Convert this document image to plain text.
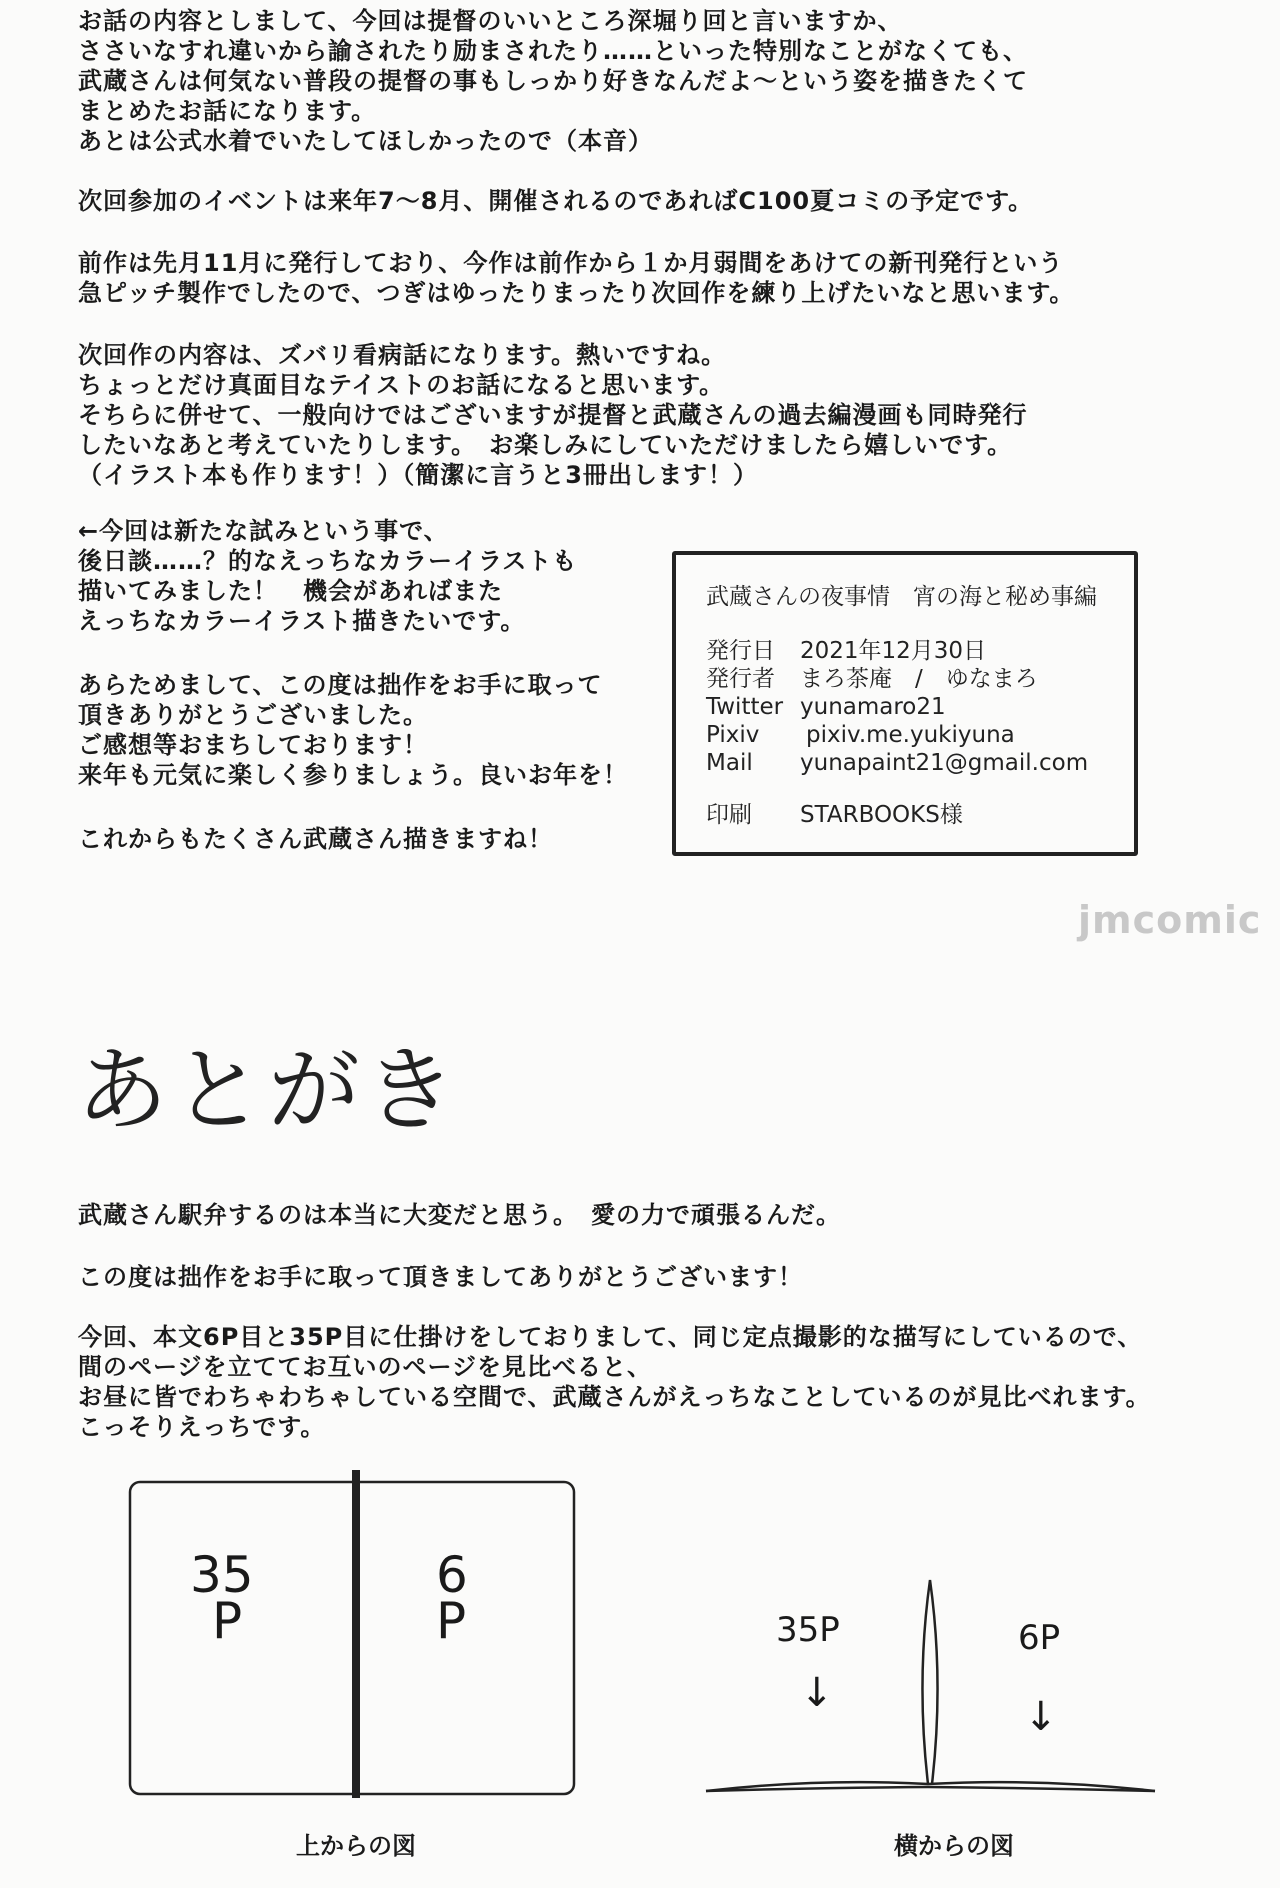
お話の内容としまして、今回は提督のいいところ深堀り回と言いますか、
ささいなすれ違いから諭されたり励まされたり……といった特別なことがなくても、
武蔵さんは何気ない普段の提督の事もしっかり好きなんだよ〜という姿を描きたくて
まとめたお話になります。
あとは公式水着でいたしてほしかったので（本音）
次回参加のイベントは来年7〜8月、開催されるのであればC100夏コミの予定です。
前作は先月11月に発行しており、今作は前作から１か月弱間をあけての新刊発行という
急ピッチ製作でしたので、つぎはゆったりまったり次回作を練り上げたいなと思います。
次回作の内容は、ズバリ看病話になります。熱いですね。
ちょっとだけ真面目なテイストのお話になると思います。
そちらに併せて、一般向けではございますが提督と武蔵さんの過去編漫画も同時発行
したいなあと考えていたりします。　お楽しみにしていただけましたら嬉しいです。
（イラスト本も作ります！）（簡潔に言うと3冊出します！）
←今回は新たな試みという事で、
後日談……？的なえっちなカラーイラストも
描いてみました！　機会があればまた
えっちなカラーイラスト描きたいです。
あらためまして、この度は拙作をお手に取って
頂きありがとうございました。
ご感想等おまちしております！
来年も元気に楽しく参りましょう。良いお年を！
これからもたくさん武蔵さん描きますね！
武蔵さんの夜事情　宵の海と秘め事編
発行日 2021年12月30日
発行者 まろ茶庵　/　ゆなまろ
Twitter yunamaro21
Pixiv pixiv.me.yukiyuna
Mail yunapaint21@gmail.com
印刷 STARBOOKS様
jmcomic
あとがき
武蔵さん駅弁するのは本当に大変だと思う。　愛の力で頑張るんだ。
この度は拙作をお手に取って頂きましてありがとうございます！
今回、本文6P目と35P目に仕掛けをしておりまして、同じ定点撮影的な描写にしているので、
間のページを立ててお互いのページを見比べると、
お昼に皆でわちゃわちゃしている空間で、武蔵さんがえっちなことしているのが見比べれます。
こっそりえっちです。
35
P
6
P
上からの図
35P
↓
6P
↓
横からの図
